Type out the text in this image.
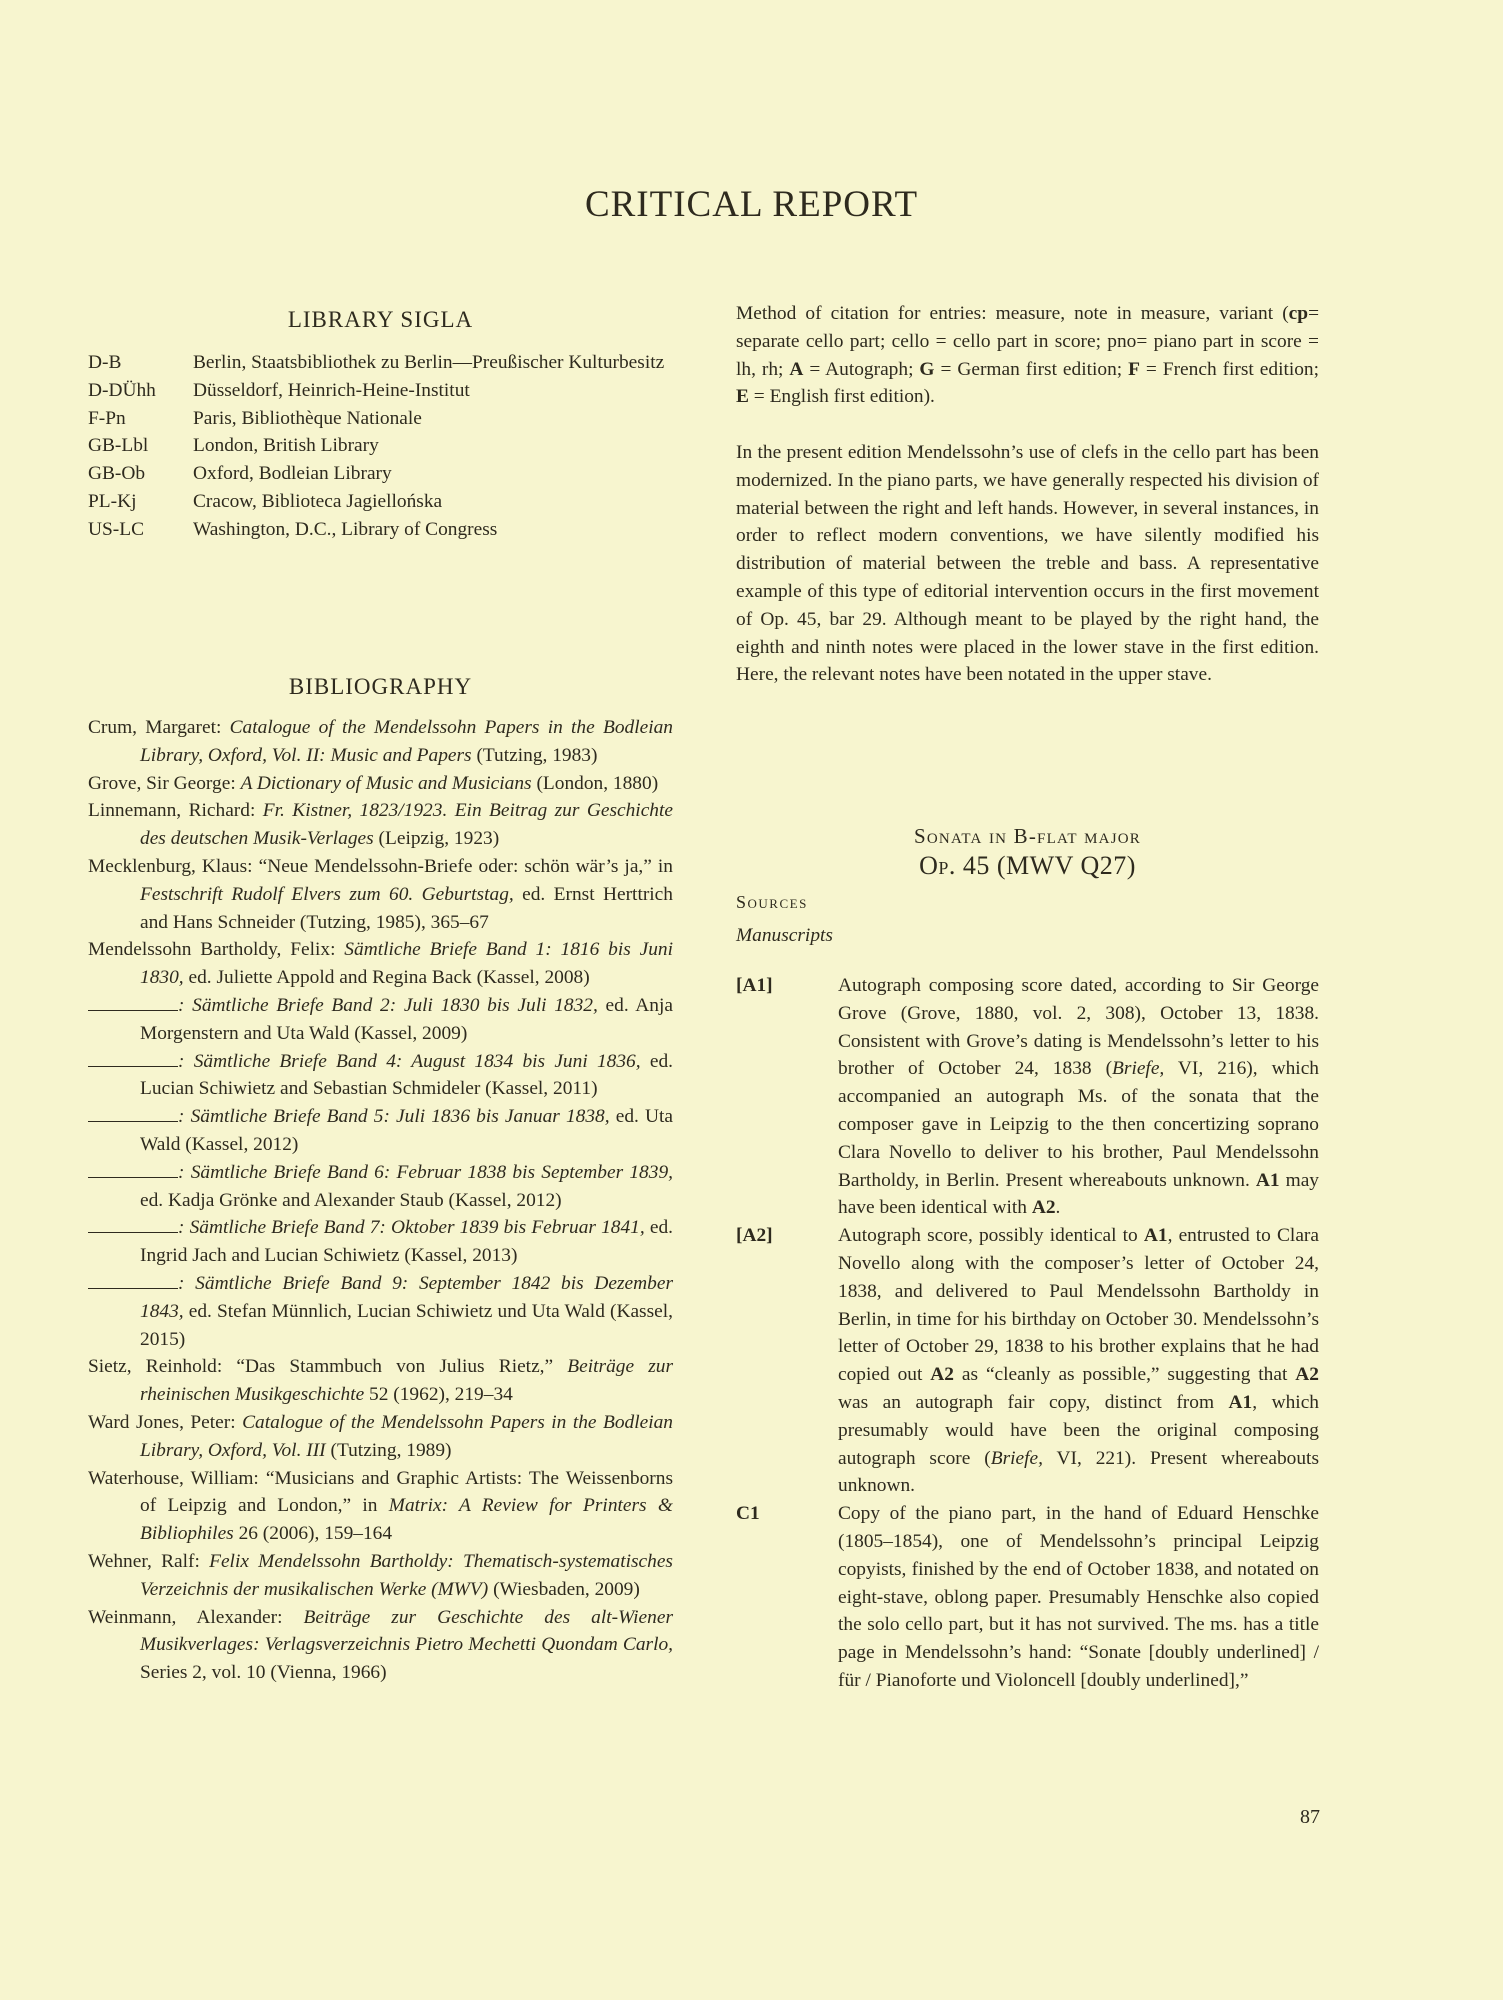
CRITICAL REPORT
LIBRARY SIGLA
D-B	Berlin, Staatsbibliothek zu Berlin—Preußischer Kulturbesitz
D-DÜhh	Düsseldorf, Heinrich-Heine-Institut
F-Pn	Paris, Bibliothèque Nationale
GB-Lbl	London, British Library
GB-Ob	Oxford, Bodleian Library
PL-Kj	Cracow, Biblioteca Jagiellońska
US-LC	Washington, D.C., Library of Congress
BIBLIOGRAPHY
Crum, Margaret: Catalogue of the Mendelssohn Papers in the Bodleian Library, Oxford, Vol. II: Music and Papers (Tutzing, 1983)
Grove, Sir George: A Dictionary of Music and Musicians (London, 1880)
Linnemann, Richard: Fr. Kistner, 1823/1923. Ein Beitrag zur Geschichte des deutschen Musik-Verlages (Leipzig, 1923)
Mecklenburg, Klaus: “Neue Mendelssohn-Briefe oder: schön wär’s ja,” in Festschrift Rudolf Elvers zum 60. Geburtstag, ed. Ernst Herttrich and Hans Schneider (Tutzing, 1985), 365–67
Mendelssohn Bartholdy, Felix: Sämtliche Briefe Band 1: 1816 bis Juni 1830, ed. Juliette Appold and Regina Back (Kassel, 2008)
: Sämtliche Briefe Band 2: Juli 1830 bis Juli 1832, ed. Anja Morgenstern and Uta Wald (Kassel, 2009)
: Sämtliche Briefe Band 4: August 1834 bis Juni 1836, ed. Lucian Schiwietz and Sebastian Schmideler (Kassel, 2011)
: Sämtliche Briefe Band 5: Juli 1836 bis Januar 1838, ed. Uta Wald (Kassel, 2012)
: Sämtliche Briefe Band 6: Februar 1838 bis September 1839, ed. Kadja Grönke and Alexander Staub (Kassel, 2012)
: Sämtliche Briefe Band 7: Oktober 1839 bis Februar 1841, ed. Ingrid Jach and Lucian Schiwietz (Kassel, 2013)
: Sämtliche Briefe Band 9: September 1842 bis Dezember 1843, ed. Stefan Münnlich, Lucian Schiwietz und Uta Wald (Kassel, 2015)
Sietz, Reinhold: “Das Stammbuch von Julius Rietz,” Beiträge zur rheinischen Musikgeschichte 52 (1962), 219–34
Ward Jones, Peter: Catalogue of the Mendelssohn Papers in the Bodleian Library, Oxford, Vol. III (Tutzing, 1989)
Waterhouse, William: “Musicians and Graphic Artists: The Weissenborns of Leipzig and London,” in Matrix: A Review for Printers & Bibliophiles 26 (2006), 159–164
Wehner, Ralf: Felix Mendelssohn Bartholdy: Thematisch-systematisches Verzeichnis der musikalischen Werke (MWV) (Wiesbaden, 2009)
Weinmann, Alexander: Beiträge zur Geschichte des alt-Wiener Musikverlages: Verlagsverzeichnis Pietro Mechetti Quondam Carlo, Series 2, vol. 10 (Vienna, 1966)
Method of citation for entries: measure, note in measure, variant (cp= separate cello part; cello = cello part in score; pno= piano part in score = lh, rh; A = Autograph; G = German first edition; F = French first edition; E = English first edition).
In the present edition Mendelssohn’s use of clefs in the cello part has been modernized. In the piano parts, we have generally respected his division of material between the right and left hands. However, in several instances, in order to reflect modern conventions, we have silently modified his distribution of material between the treble and bass. A representative example of this type of editorial intervention occurs in the first movement of Op. 45, bar 29. Although meant to be played by the right hand, the eighth and ninth notes were placed in the lower stave in the first edition. Here, the relevant notes have been notated in the upper stave.
Sonata in B-flat major
Op. 45 (MWV Q27)
Sources
Manuscripts
[A1]	Autograph composing score dated, according to Sir George Grove (Grove, 1880, vol. 2, 308), October 13, 1838. Consistent with Grove’s dating is Mendelssohn’s letter to his brother of October 24, 1838 (Briefe, VI, 216), which accompanied an autograph Ms. of the sonata that the composer gave in Leipzig to the then concertizing soprano Clara Novello to deliver to his brother, Paul Mendelssohn Bartholdy, in Berlin. Present whereabouts unknown. A1 may have been identical with A2.
[A2]	Autograph score, possibly identical to A1, entrusted to Clara Novello along with the composer’s letter of October 24, 1838, and delivered to Paul Mendelssohn Bartholdy in Berlin, in time for his birthday on October 30. Mendelssohn’s letter of October 29, 1838 to his brother explains that he had copied out A2 as “cleanly as possible,” suggesting that A2 was an autograph fair copy, distinct from A1, which presumably would have been the original composing autograph score (Briefe, VI, 221). Present whereabouts unknown.
C1	Copy of the piano part, in the hand of Eduard Henschke (1805–1854), one of Mendelssohn’s principal Leipzig copyists, finished by the end of October 1838, and notated on eight-stave, oblong paper. Presumably Henschke also copied the solo cello part, but it has not survived. The ms. has a title page in Mendelssohn’s hand: “Sonate [doubly underlined] / für / Pianoforte und Violoncell [doubly underlined],”
87
